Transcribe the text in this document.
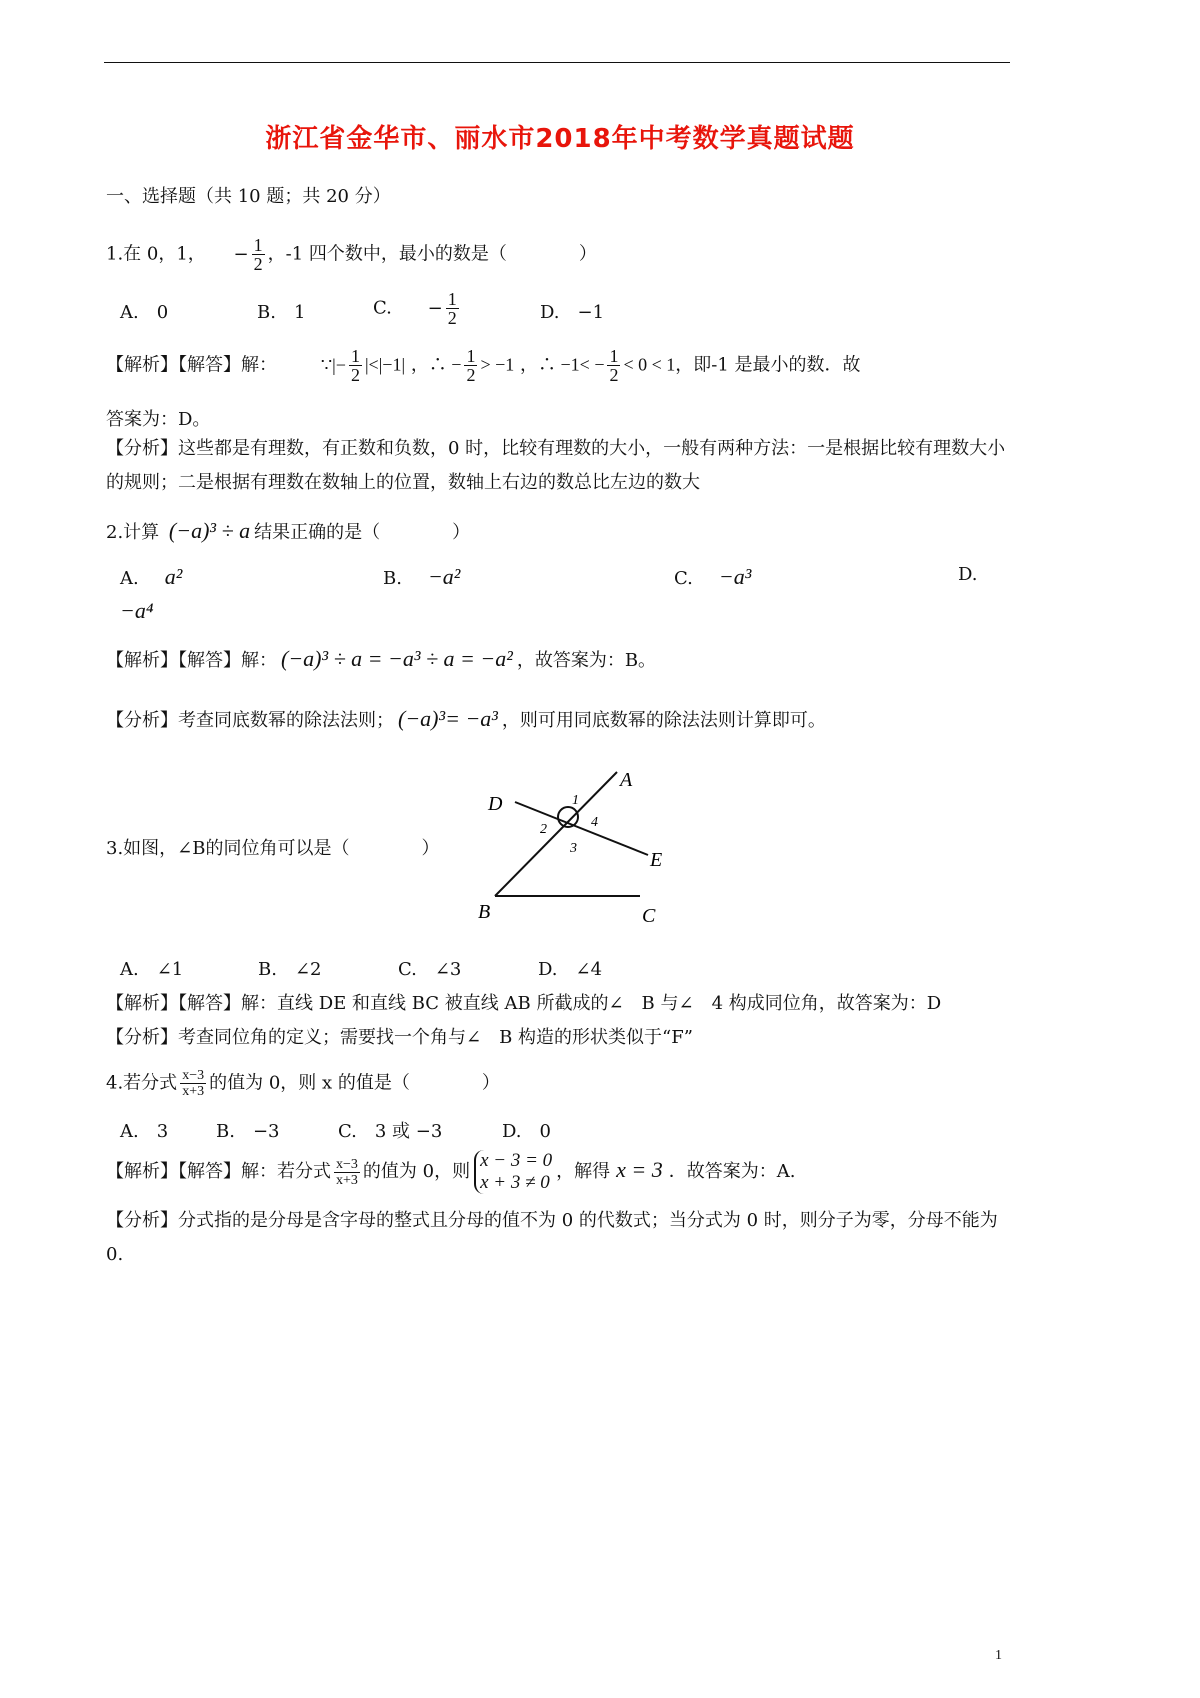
浙江省金华市、丽水市2018年中考数学真题试题
一、选择题（共 10 题；共 20 分）
1.在 0，1， − $\frac{1}{2}$ ，-1 四个数中，最小的数是（　　　　）
A.　0	B.　1	C. − $\frac{1}{2}$	D.　−1
【解析】【解答】解： ∵|− $\frac{1}{2} |<|-1|$ ，∴ − $\frac{1}{2} > -1$ ，∴ $-1< - \frac{1}{2} < 0 < 1$，即-1 是最小的数．故
答案为：D。
【分析】这些都是有理数，有正数和负数，0 时，比较有理数的大小，一般有两种方法：一是根据比较有理数大小的规则；二是根据有理数在数轴上的位置，数轴上右边的数总比左边的数大
2.计算 (−a)³ ÷ a 结果正确的是（　　　　）
A. a²	B. −a²	C. −a³	D.
−a⁴
【解析】【解答】解： (−a)³ ÷ a = −a³ ÷ a = −a² ，故答案为：B。
【分析】考查同底数幂的除法法则； (−a)³= −a³ ，则可用同底数幂的除法法则计算即可。
3.如图，∠B的同位角可以是（　　　　）
A
B	C
D
E
1
2
3
4
A.　∠1	B.　∠2	C.　∠3	D.　∠4
【解析】【解答】解：直线 DE 和直线 BC 被直线 AB 所截成的∠　B 与∠　4 构成同位角，故答案为：D
【分析】考查同位角的定义；需要找一个角与∠　B 构造的形状类似于“F”
4.若分式 $\frac{x-3}{x+3}$ 的值为 0，则 x 的值是（　　　　）
A.　3	B.　−3	C.　3 或 −3	D.　0
【解析】【解答】解：若分式 $\frac{x-3}{x+3}$ 的值为 0，则
x − 3 = 0
x + 3 ≠ 0
，解得 x = 3 ．故答案为：A.
【分析】分式指的是分母是含字母的整式且分母的值不为 0 的代数式；当分式为 0 时，则分子为零，分母不能为 0.
1
